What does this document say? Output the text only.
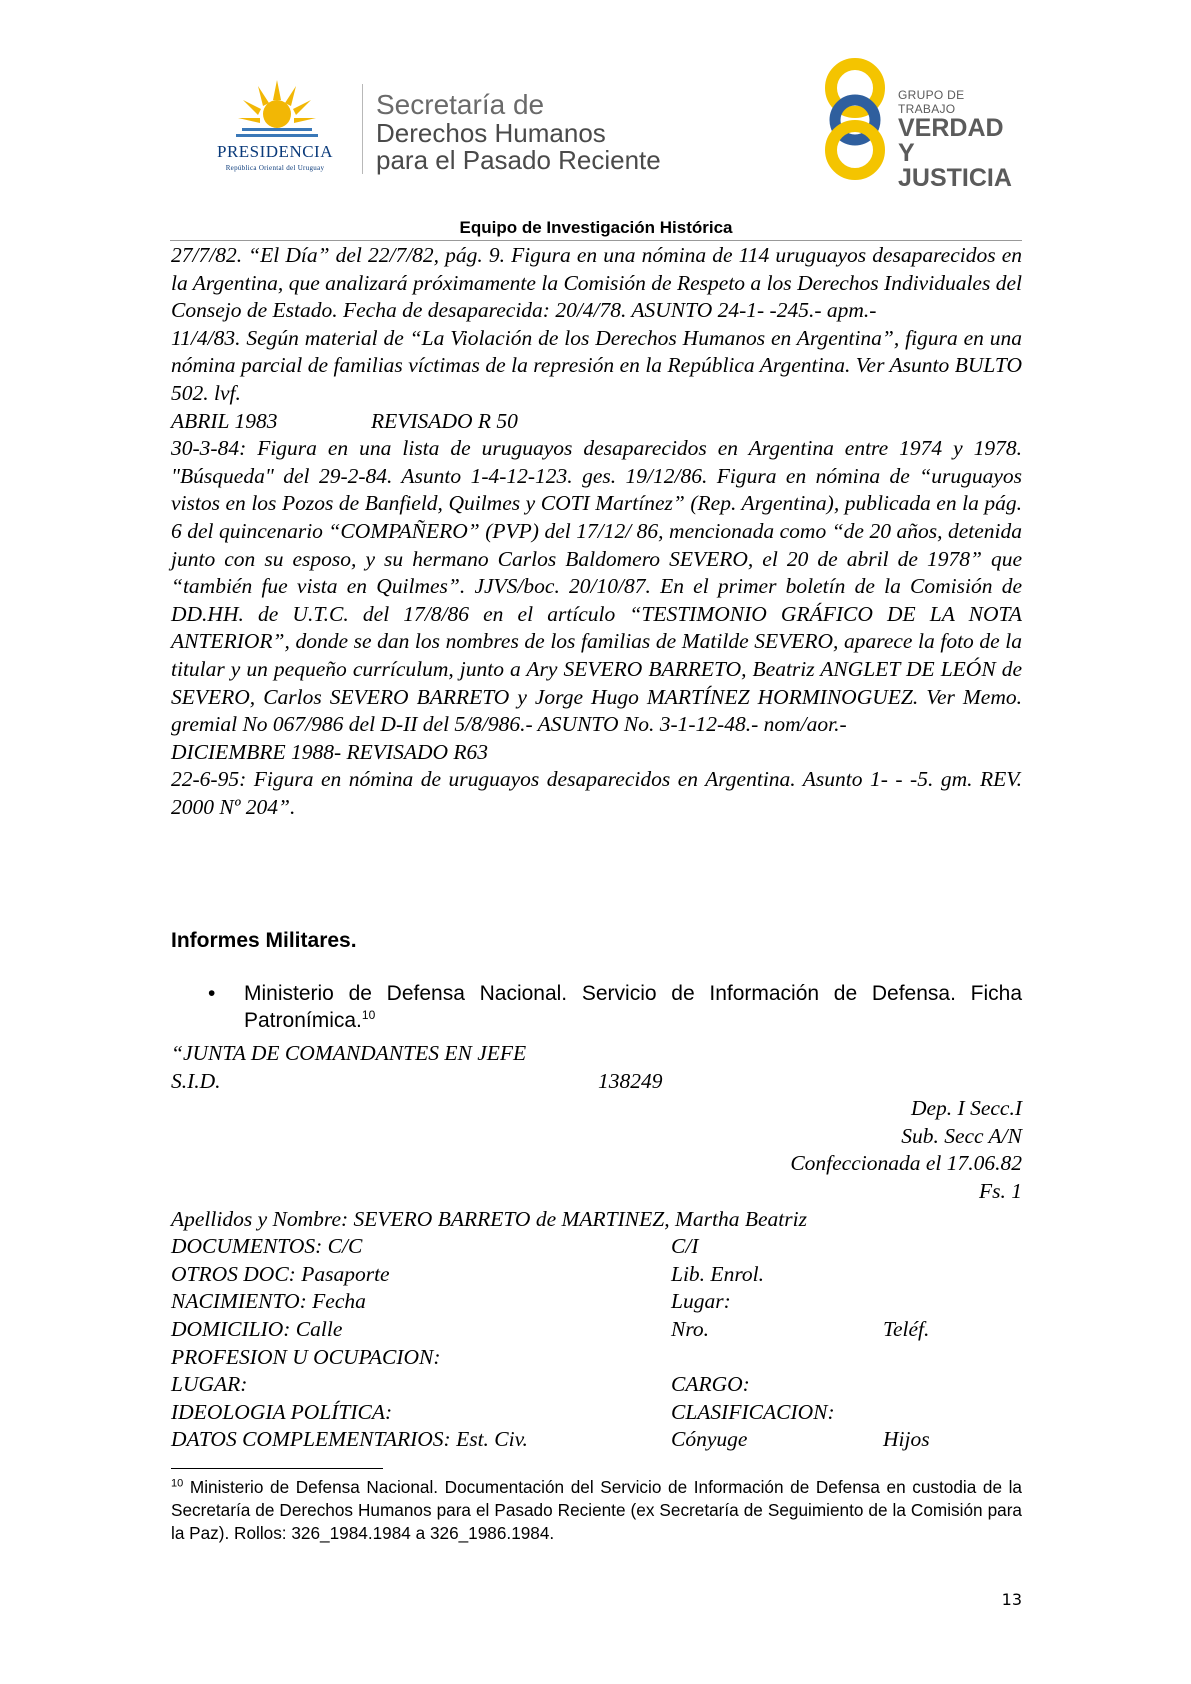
PRESIDENCIA
República Oriental del Uruguay
Secretaría de
Derechos Humanos
para el Pasado Reciente
GRUPO DE TRABAJO
VERDAD Y
JUSTICIA
Equipo de Investigación Histórica

27/7/82. “El Día” del 22/7/82, pág. 9. Figura en una nómina de 114 uruguayos desaparecidos en la Argentina, que analizará próximamente la Comisión de Respeto a los Derechos Individuales del Consejo de Estado. Fecha de desaparecida: 20/4/78. ASUNTO 24-1- -245.- apm.-

11/4/83. Según material de “La Violación de los Derechos Humanos en Argentina”, figura en una nómina parcial de familias víctimas de la represión en la República Argentina. Ver Asunto BULTO 502. lvf.

ABRIL 1983	REVISADO R 50

30-3-84: Figura en una lista de uruguayos desaparecidos en Argentina entre 1974 y 1978. "Búsqueda" del 29-2-84. Asunto 1-4-12-123. ges. 19/12/86. Figura en nómina de “uruguayos vistos en los Pozos de Banfield, Quilmes y COTI Martínez” (Rep. Argentina), publicada en la pág. 6 del quincenario “COMPAÑERO” (PVP) del 17/12/ 86, mencionada como “de 20 años, detenida junto con su esposo, y su hermano Carlos Baldomero SEVERO, el 20 de abril de 1978” que “también fue vista en Quilmes”. JJVS/boc. 20/10/87. En el primer boletín de la Comisión de DD.HH. de U.T.C. del 17/8/86 en el artículo “TESTIMONIO GRÁFICO DE LA NOTA ANTERIOR”, donde se dan los nombres de los familias de Matilde SEVERO, aparece la foto de la titular y un pequeño currículum, junto a Ary SEVERO BARRETO, Beatriz ANGLET DE LEÓN de SEVERO, Carlos SEVERO BARRETO y Jorge Hugo MARTÍNEZ HORMINOGUEZ. Ver Memo. gremial No 067/986 del D-II del 5/8/986.- ASUNTO No. 3-1-12-48.- nom/aor.-

DICIEMBRE 1988- REVISADO R63

22-6-95: Figura en nómina de uruguayos desaparecidos en Argentina. Asunto 1- - -5. gm. REV. 2000 Nº 204”.

Informes Militares.
• Ministerio de Defensa Nacional. Servicio de Información de Defensa. Ficha Patronímica.$^{10}$
“JUNTA DE COMANDANTES EN JEFE
S.I.D.	138249
Dep. I Secc.I
Sub. Secc A/N
Confeccionada el 17.06.82
Fs. 1
Apellidos y Nombre: SEVERO BARRETO de MARTINEZ, Martha Beatriz
DOCUMENTOS: C/C	C/I
OTROS DOC: Pasaporte	Lib. Enrol.
NACIMIENTO: Fecha	Lugar:
DOMICILIO: Calle	Nro.	Teléf.
PROFESION U OCUPACION:
LUGAR:	CARGO:
IDEOLOGIA POLÍTICA:	CLASIFICACION:
DATOS COMPLEMENTARIOS: Est. Civ.	Cónyuge	Hijos
$^{10}$ Ministerio de Defensa Nacional. Documentación del Servicio de Información de Defensa en custodia de la Secretaría de Derechos Humanos para el Pasado Reciente (ex Secretaría de Seguimiento de la Comisión para la Paz). Rollos: 326_1984.1984 a 326_1986.1984.
13
